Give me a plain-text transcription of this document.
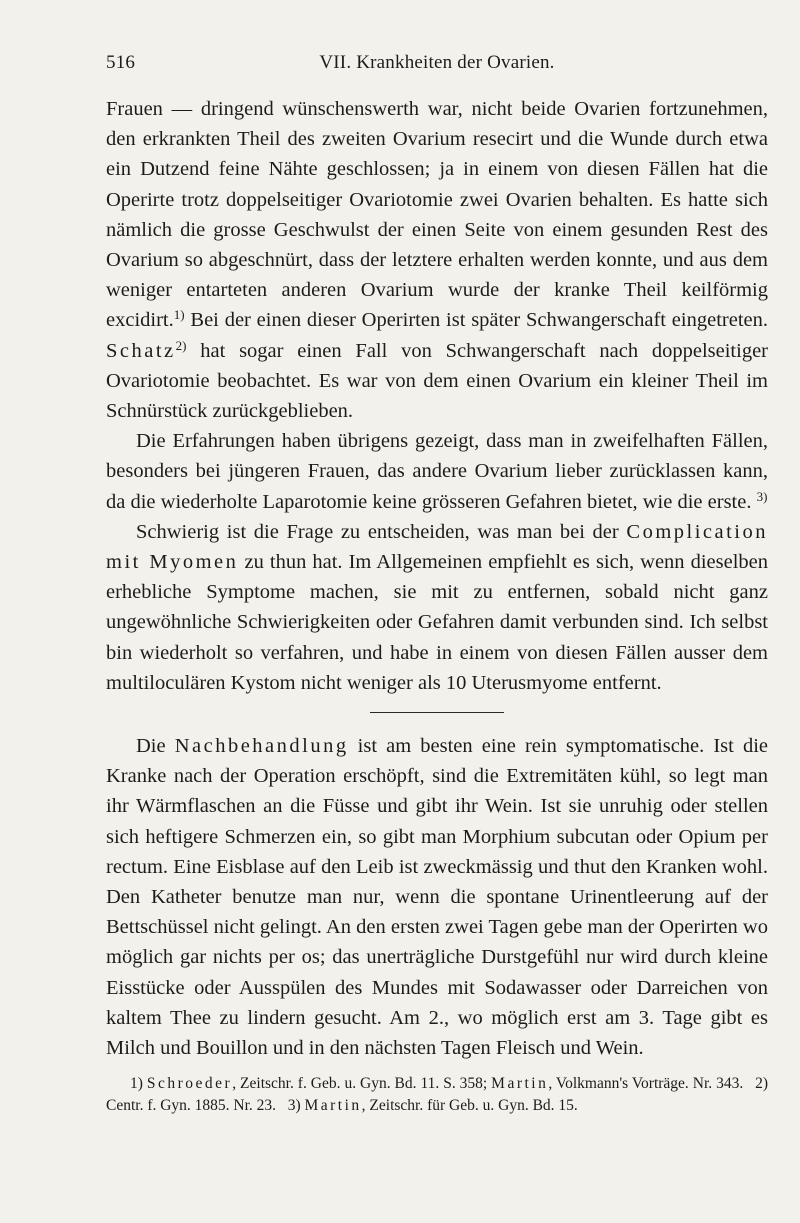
516	VII. Krankheiten der Ovarien.

Frauen — dringend wünschenswerth war, nicht beide Ovarien fortzunehmen, den erkrankten Theil des zweiten Ovarium resecirt und die Wunde durch etwa ein Dutzend feine Nähte geschlossen; ja in einem von diesen Fällen hat die Operirte trotz doppelseitiger Ovariotomie zwei Ovarien behalten. Es hatte sich nämlich die grosse Geschwulst der einen Seite von einem gesunden Rest des Ovarium so abgeschnürt, dass der letztere erhalten werden konnte, und aus dem weniger entarteten anderen Ovarium wurde der kranke Theil keilförmig excidirt.$^{1)}$ Bei der einen dieser Operirten ist später Schwangerschaft eingetreten. Schatz$^{2)}$ hat sogar einen Fall von Schwangerschaft nach doppelseitiger Ovariotomie beobachtet. Es war von dem einen Ovarium ein kleiner Theil im Schnürstück zurückgeblieben.

Die Erfahrungen haben übrigens gezeigt, dass man in zweifelhaften Fällen, besonders bei jüngeren Frauen, das andere Ovarium lieber zurücklassen kann, da die wiederholte Laparotomie keine grösseren Gefahren bietet, wie die erste. $^{3)}$

Schwierig ist die Frage zu entscheiden, was man bei der Complication mit Myomen zu thun hat. Im Allgemeinen empfiehlt es sich, wenn dieselben erhebliche Symptome machen, sie mit zu entfernen, sobald nicht ganz ungewöhnliche Schwierigkeiten oder Gefahren damit verbunden sind. Ich selbst bin wiederholt so verfahren, und habe in einem von diesen Fällen ausser dem multiloculären Kystom nicht weniger als 10 Uterusmyome entfernt.

Die Nachbehandlung ist am besten eine rein symptomatische. Ist die Kranke nach der Operation erschöpft, sind die Extremitäten kühl, so legt man ihr Wärmflaschen an die Füsse und gibt ihr Wein. Ist sie unruhig oder stellen sich heftigere Schmerzen ein, so gibt man Morphium subcutan oder Opium per rectum. Eine Eisblase auf den Leib ist zweckmässig und thut den Kranken wohl. Den Katheter benutze man nur, wenn die spontane Urinentleerung auf der Bettschüssel nicht gelingt. An den ersten zwei Tagen gebe man der Operirten wo möglich gar nichts per os; das unerträgliche Durstgefühl nur wird durch kleine Eisstücke oder Ausspülen des Mundes mit Sodawasser oder Darreichen von kaltem Thee zu lindern gesucht. Am 2., wo möglich erst am 3. Tage gibt es Milch und Bouillon und in den nächsten Tagen Fleisch und Wein.

1) Schroeder, Zeitschr. f. Geb. u. Gyn. Bd. 11. S. 358; Martin, Volkmann's Vorträge. Nr. 343. 2) Centr. f. Gyn. 1885. Nr. 23. 3) Martin, Zeitschr. für Geb. u. Gyn. Bd. 15.
